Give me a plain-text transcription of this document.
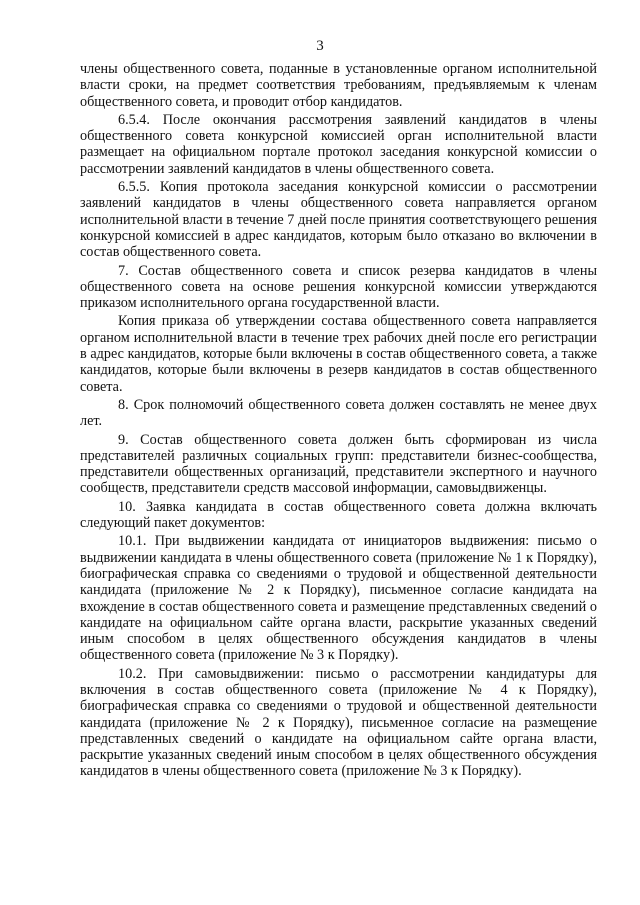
3

члены общественного совета, поданные в установленные органом исполнительной власти сроки, на предмет соответствия требованиям, предъявляемым к членам общественного совета, и проводит отбор кандидатов.

6.5.4. После окончания рассмотрения заявлений кандидатов в члены общественного совета конкурсной комиссией орган исполнительной власти размещает на официальном портале протокол заседания конкурсной комиссии о рассмотрении заявлений кандидатов в члены общественного совета.

6.5.5. Копия протокола заседания конкурсной комиссии о рассмотрении заявлений кандидатов в члены общественного совета направляется органом исполнительной власти в течение 7 дней после принятия соответствующего решения конкурсной комиссией в адрес кандидатов, которым было отказано во включении в состав общественного совета.

7. Состав общественного совета и список резерва кандидатов в члены общественного совета на основе решения конкурсной комиссии утверждаются приказом исполнительного органа государственной власти.

Копия приказа об утверждении состава общественного совета направляется органом исполнительной власти в течение трех рабочих дней после его регистрации в адрес кандидатов, которые были включены в состав общественного совета, а также кандидатов, которые были включены в резерв кандидатов в состав общественного совета.

8. Срок полномочий общественного совета должен составлять не менее двух лет.

9. Состав общественного совета должен быть сформирован из числа представителей различных социальных групп: представители бизнес-сообщества, представители общественных организаций, представители экспертного и научного сообществ, представители средств массовой информации, самовыдвиженцы.

10. Заявка кандидата в состав общественного совета должна включать следующий пакет документов:

10.1. При выдвижении кандидата от инициаторов выдвижения: письмо о выдвижении кандидата в члены общественного совета (приложение № 1 к Порядку), биографическая справка со сведениями о трудовой и общественной деятельности кандидата (приложение № 2 к Порядку), письменное согласие кандидата на вхождение в состав общественного совета и размещение представленных сведений о кандидате на официальном сайте органа власти, раскрытие указанных сведений иным способом в целях общественного обсуждения кандидатов в члены общественного совета (приложение № 3 к Порядку).

10.2. При самовыдвижении: письмо о рассмотрении кандидатуры для включения в состав общественного совета (приложение № 4 к Порядку), биографическая справка со сведениями о трудовой и общественной деятельности кандидата (приложение № 2 к Порядку), письменное согласие на размещение представленных сведений о кандидате на официальном сайте органа власти, раскрытие указанных сведений иным способом в целях общественного обсуждения кандидатов в члены общественного совета (приложение № 3 к Порядку).
